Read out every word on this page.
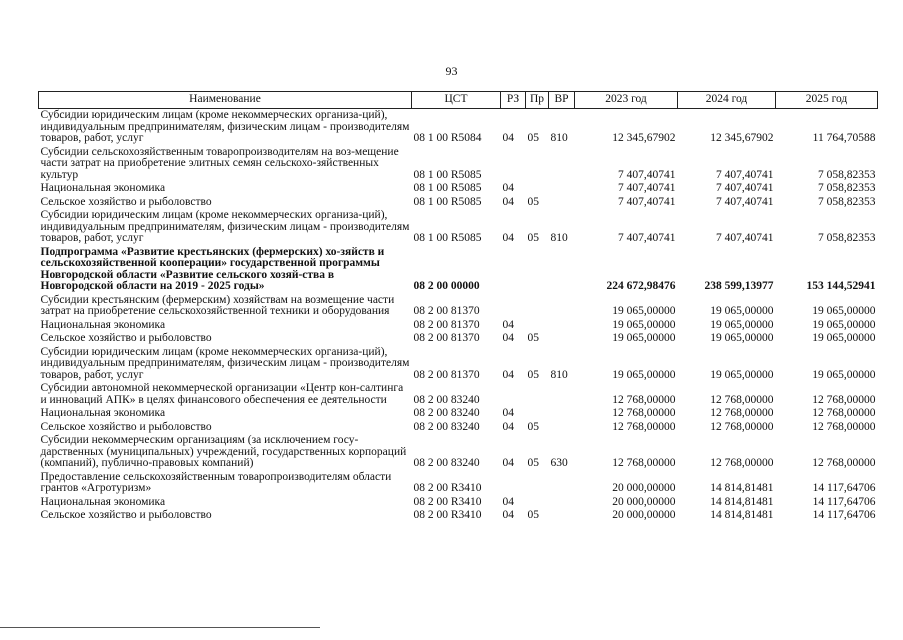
93
Наименование	ЦСТ	РЗ	Пр	ВР	2023 год	2024 год	2025 год
Субсидии юридическим лицам (кроме некоммерческих организа-ций), индивидуальным предпринимателям, физическим лицам - производителям товаров, работ, услуг	08 1 00 R5084	04	05	810	12 345,67902	12 345,67902	11 764,70588
Субсидии сельскохозяйственным товаропроизводителям на воз-мещение части затрат на приобретение элитных семян сельскохо-зяйственных культур	08 1 00 R5085				7 407,40741	7 407,40741	7 058,82353
Национальная экономика	08 1 00 R5085	04			7 407,40741	7 407,40741	7 058,82353
Сельское хозяйство и рыболовство	08 1 00 R5085	04	05		7 407,40741	7 407,40741	7 058,82353
Субсидии юридическим лицам (кроме некоммерческих организа-ций), индивидуальным предпринимателям, физическим лицам - производителям товаров, работ, услуг	08 1 00 R5085	04	05	810	7 407,40741	7 407,40741	7 058,82353
Подпрограмма «Развитие крестьянских (фермерских) хо-зяйств и сельскохозяйственной кооперации» государственной программы Новгородской области «Развитие сельского хозяй-ства в Новгородской области на 2019 - 2025 годы»	08 2 00 00000				224 672,98476	238 599,13977	153 144,52941
Субсидии крестьянским (фермерским) хозяйствам на возмещение части затрат на приобретение сельскохозяйственной техники и оборудования	08 2 00 81370				19 065,00000	19 065,00000	19 065,00000
Национальная экономика	08 2 00 81370	04			19 065,00000	19 065,00000	19 065,00000
Сельское хозяйство и рыболовство	08 2 00 81370	04	05		19 065,00000	19 065,00000	19 065,00000
Субсидии юридическим лицам (кроме некоммерческих организа-ций), индивидуальным предпринимателям, физическим лицам - производителям товаров, работ, услуг	08 2 00 81370	04	05	810	19 065,00000	19 065,00000	19 065,00000
Субсидии автономной некоммерческой организации «Центр кон-салтинга и инноваций АПК» в целях финансового обеспечения ее деятельности	08 2 00 83240				12 768,00000	12 768,00000	12 768,00000
Национальная экономика	08 2 00 83240	04			12 768,00000	12 768,00000	12 768,00000
Сельское хозяйство и рыболовство	08 2 00 83240	04	05		12 768,00000	12 768,00000	12 768,00000
Субсидии некоммерческим организациям (за исключением госу-дарственных (муниципальных) учреждений, государственных корпораций (компаний), публично-правовых компаний)	08 2 00 83240	04	05	630	12 768,00000	12 768,00000	12 768,00000
Предоставление сельскохозяйственным товаропроизводителям области грантов «Агротуризм»	08 2 00 R3410				20 000,00000	14 814,81481	14 117,64706
Национальная экономика	08 2 00 R3410	04			20 000,00000	14 814,81481	14 117,64706
Сельское хозяйство и рыболовство	08 2 00 R3410	04	05		20 000,00000	14 814,81481	14 117,64706
